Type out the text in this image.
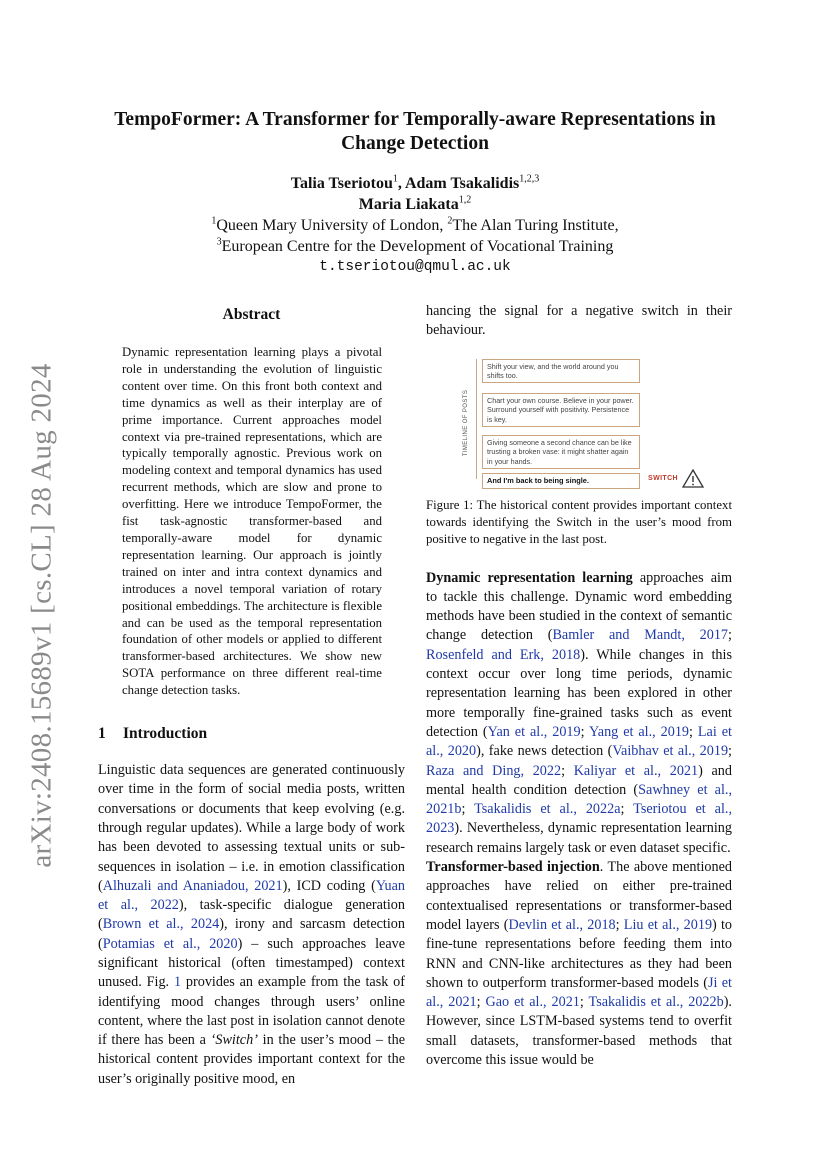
arXiv:2408.15689v1 [cs.CL] 28 Aug 2024
TempoFormer: A Transformer for Temporally-aware Representations in Change Detection
Talia Tseriotou$^1$, Adam Tsakalidis$^{1,2,3}$
Maria Liakata$^{1,2}$
$^1$Queen Mary University of London, $^2$The Alan Turing Institute,
$^3$European Centre for the Development of Vocational Training
t.tseriotou@qmul.ac.uk
Abstract
Dynamic representation learning plays a pivotal role in understanding the evolution of linguistic content over time. On this front both context and time dynamics as well as their interplay are of prime importance. Current approaches model context via pre-trained representations, which are typically temporally agnostic. Previous work on modeling context and temporal dynamics has used recurrent methods, which are slow and prone to overfitting. Here we introduce TempoFormer, the fist task-agnostic transformer-based and temporally-aware model for dynamic representation learning. Our approach is jointly trained on inter and intra context dynamics and introduces a novel temporal variation of rotary positional embeddings. The architecture is flexible and can be used as the temporal representation foundation of other models or applied to different transformer-based architectures. We show new SOTA performance on three different real-time change detection tasks.
1 Introduction

Linguistic data sequences are generated continuously over time in the form of social media posts, written conversations or documents that keep evolving (e.g. through regular updates). While a large body of work has been devoted to assessing textual units or sub-sequences in isolation – i.e. in emotion classification (Alhuzali and Ananiadou, 2021), ICD coding (Yuan et al., 2022), task-specific dialogue generation (Brown et al., 2024), irony and sarcasm detection (Potamias et al., 2020) – such approaches leave significant historical (often timestamped) context unused. Fig. 1 provides an example from the task of identifying mood changes through users’ online content, where the last post in isolation cannot denote if there has been a ‘Switch’ in the user’s mood – the historical content provides important context for the user’s originally positive mood, en

hancing the signal for a negative switch in their behaviour.

TIMELINE OF POSTS
Shift your view, and the world around you shifts too.
Chart your own course. Believe in your power. Surround yourself with positivity. Persistence is key.
Giving someone a second chance can be like trusting a broken vase: it might shatter again in your hands.
And I'm back to being single.	SWITCH
Figure 1: The historical content provides important context towards identifying the Switch in the user’s mood from positive to negative in the last post.

Dynamic representation learning approaches aim to tackle this challenge. Dynamic word embedding methods have been studied in the context of semantic change detection (Bamler and Mandt, 2017; Rosenfeld and Erk, 2018). While changes in this context occur over long time periods, dynamic representation learning has been explored in other more temporally fine-grained tasks such as event detection (Yan et al., 2019; Yang et al., 2019; Lai et al., 2020), fake news detection (Vaibhav et al., 2019; Raza and Ding, 2022; Kaliyar et al., 2021) and mental health condition detection (Sawhney et al., 2021b; Tsakalidis et al., 2022a; Tseriotou et al., 2023). Nevertheless, dynamic representation learning research remains largely task or even dataset specific.

Transformer-based injection. The above mentioned approaches have relied on either pre-trained contextualised representations or transformer-based model layers (Devlin et al., 2018; Liu et al., 2019) to fine-tune representations before feeding them into RNN and CNN-like architectures as they had been shown to outperform transformer-based models (Ji et al., 2021; Gao et al., 2021; Tsakalidis et al., 2022b). However, since LSTM-based systems tend to overfit small datasets, transformer-based methods that overcome this issue would be
